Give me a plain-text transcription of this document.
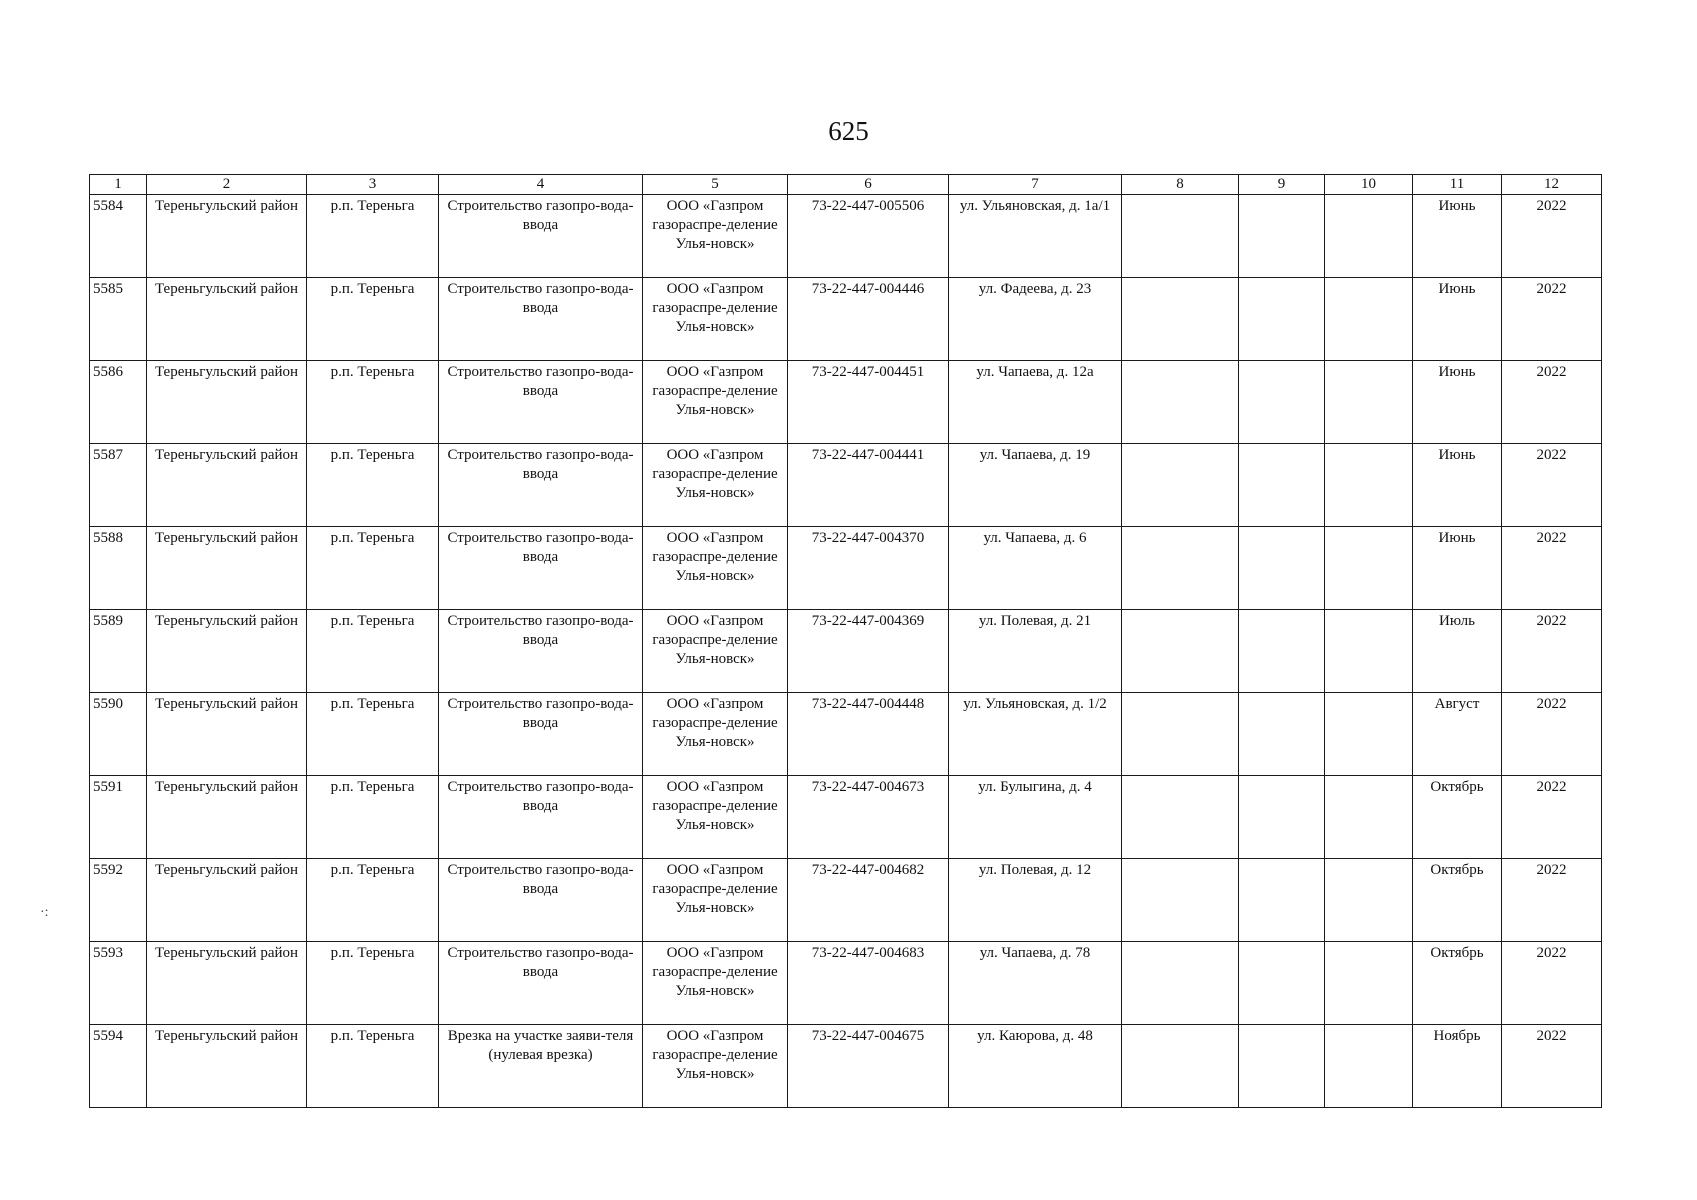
625
1	2	3	4	5	6	7	8	9	10	11	12
5584	Тереньгульский район	р.п. Тереньга	Строительство газопро-вода-ввода	ООО «Газпром газораспре-деление Улья-новск»	73-22-447-005506	ул. Ульяновская, д. 1а/1				Июнь	2022
5585	Тереньгульский район	р.п. Тереньга	Строительство газопро-вода-ввода	ООО «Газпром газораспре-деление Улья-новск»	73-22-447-004446	ул. Фадеева, д. 23				Июнь	2022
5586	Тереньгульский район	р.п. Тереньга	Строительство газопро-вода-ввода	ООО «Газпром газораспре-деление Улья-новск»	73-22-447-004451	ул. Чапаева, д. 12а				Июнь	2022
5587	Тереньгульский район	р.п. Тереньга	Строительство газопро-вода-ввода	ООО «Газпром газораспре-деление Улья-новск»	73-22-447-004441	ул. Чапаева, д. 19				Июнь	2022
5588	Тереньгульский район	р.п. Тереньга	Строительство газопро-вода-ввода	ООО «Газпром газораспре-деление Улья-новск»	73-22-447-004370	ул. Чапаева, д. 6				Июнь	2022
5589	Тереньгульский район	р.п. Тереньга	Строительство газопро-вода-ввода	ООО «Газпром газораспре-деление Улья-новск»	73-22-447-004369	ул. Полевая, д. 21				Июль	2022
5590	Тереньгульский район	р.п. Тереньга	Строительство газопро-вода-ввода	ООО «Газпром газораспре-деление Улья-новск»	73-22-447-004448	ул. Ульяновская, д. 1/2				Август	2022
5591	Тереньгульский район	р.п. Тереньга	Строительство газопро-вода-ввода	ООО «Газпром газораспре-деление Улья-новск»	73-22-447-004673	ул. Булыгина, д. 4				Октябрь	2022
5592	Тереньгульский район	р.п. Тереньга	Строительство газопро-вода-ввода	ООО «Газпром газораспре-деление Улья-новск»	73-22-447-004682	ул. Полевая, д. 12				Октябрь	2022
5593	Тереньгульский район	р.п. Тереньга	Строительство газопро-вода-ввода	ООО «Газпром газораспре-деление Улья-новск»	73-22-447-004683	ул. Чапаева, д. 78				Октябрь	2022
5594	Тереньгульский район	р.п. Тереньга	Врезка на участке заяви-теля (нулевая врезка)	ООО «Газпром газораспре-деление Улья-новск»	73-22-447-004675	ул. Каюрова, д. 48				Ноябрь	2022
·:
